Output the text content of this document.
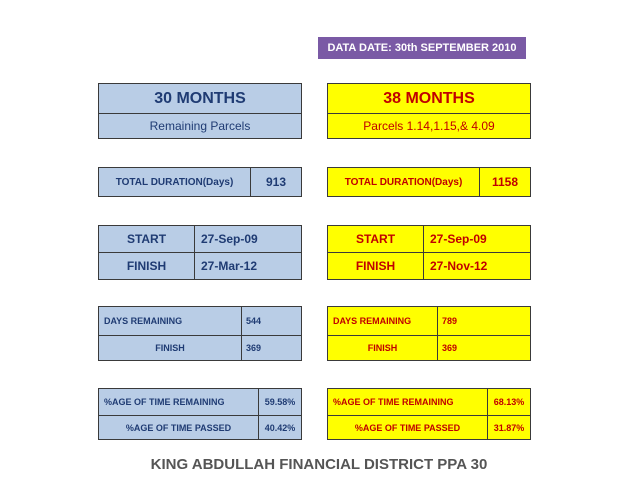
DATA DATE: 30th SEPTEMBER 2010
30 MONTHS
Remaining Parcels
TOTAL DURATION(Days)	913
START	27-Sep-09
FINISH	27-Mar-12
DAYS REMAINING	544
FINISH	369
%AGE OF TIME REMAINING	59.58%
%AGE OF TIME PASSED	40.42%
38 MONTHS
Parcels 1.14,1.15,& 4.09
TOTAL DURATION(Days)	1158
START	27-Sep-09
FINISH	27-Nov-12
DAYS REMAINING	789
FINISH	369
%AGE OF TIME REMAINING	68.13%
%AGE OF TIME PASSED	31.87%
KING ABDULLAH FINANCIAL DISTRICT PPA 30
